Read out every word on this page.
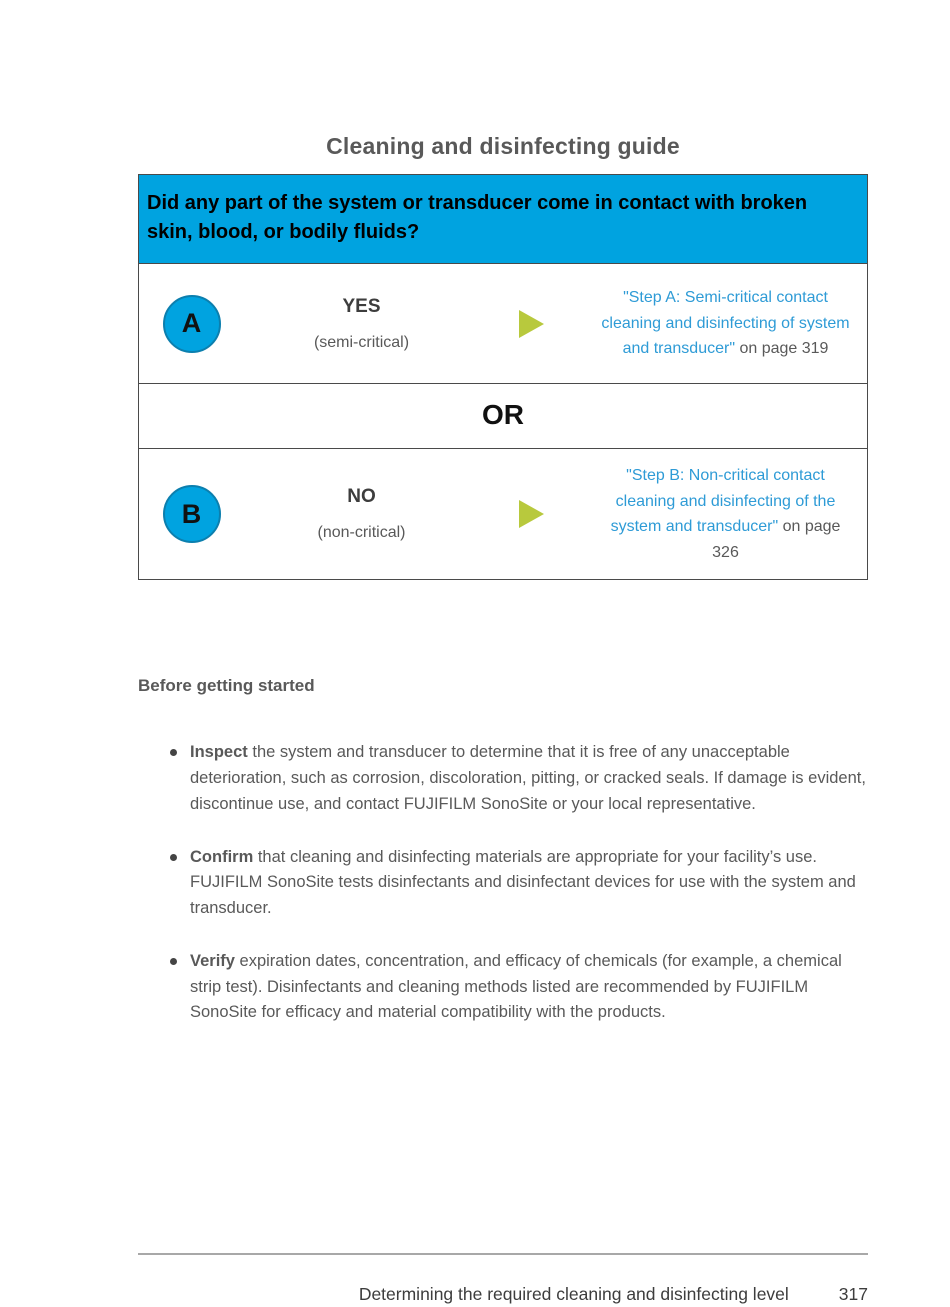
Cleaning and disinfecting guide
Did any part of the system or transducer come in contact with broken skin, blood, or bodily fluids?
A
YES
(semi-critical)
"Step A: Semi-critical contact cleaning and disinfecting of system and transducer" on page 319
OR
B
NO
(non-critical)
"Step B: Non-critical contact cleaning and disinfecting of the system and transducer" on page 326
Before getting started
Inspect the system and transducer to determine that it is free of any unacceptable deterioration, such as corrosion, discoloration, pitting, or cracked seals. If damage is evident, discontinue use, and contact FUJIFILM SonoSite or your local representative.
Confirm that cleaning and disinfecting materials are appropriate for your facility’s use. FUJIFILM SonoSite tests disinfectants and disinfectant devices for use with the system and transducer.
Verify expiration dates, concentration, and efficacy of chemicals (for example, a chemical strip test). Disinfectants and cleaning methods listed are recommended by FUJIFILM SonoSite for efficacy and material compatibility with the products.
Determining the required cleaning and disinfecting level	317
